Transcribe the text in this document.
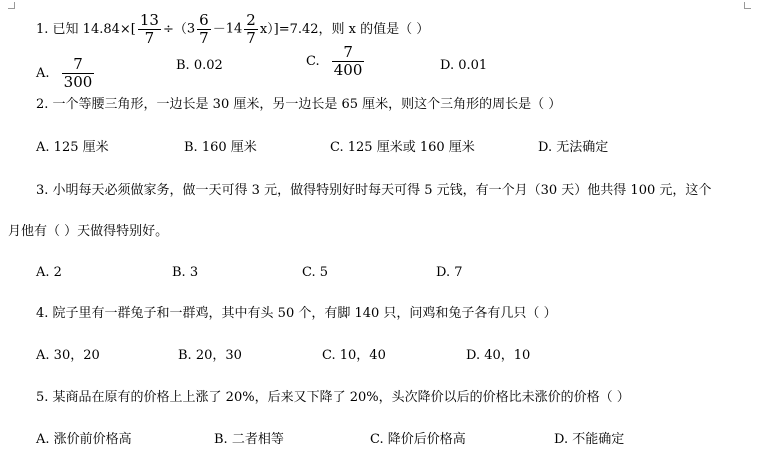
1. 已知 $14.84\times[ \frac{13}{7} \div(3 \frac{6}{7} -14 \frac{2}{7} x)]=7.42$，则 x 的值是（ ）
A. $\frac{7}{300}$	B. 0.02	C. $\frac{7}{400}$	D. 0.01
2. 一个等腰三角形，一边长是 30 厘米，另一边长是 65 厘米，则这个三角形的周长是（ ）
A. 125 厘米	B. 160 厘米	C. 125 厘米或 160 厘米	D. 无法确定
3. 小明每天必须做家务，做一天可得 3 元，做得特别好时每天可得 5 元钱，有一个月（30 天）他共得 100 元，这个
月他有（ ）天做得特别好。
A. 2	B. 3	C. 5	D. 7
4. 院子里有一群兔子和一群鸡，其中有头 50 个，有脚 140 只，问鸡和兔子各有几只（ ）
A. 30，20	B. 20，30	C. 10，40	D. 40，10
5. 某商品在原有的价格上上涨了 20%，后来又下降了 20%，头次降价以后的价格比未涨价的价格（ ）
A. 涨价前价格高	B. 二者相等	C. 降价后价格高	D. 不能确定
